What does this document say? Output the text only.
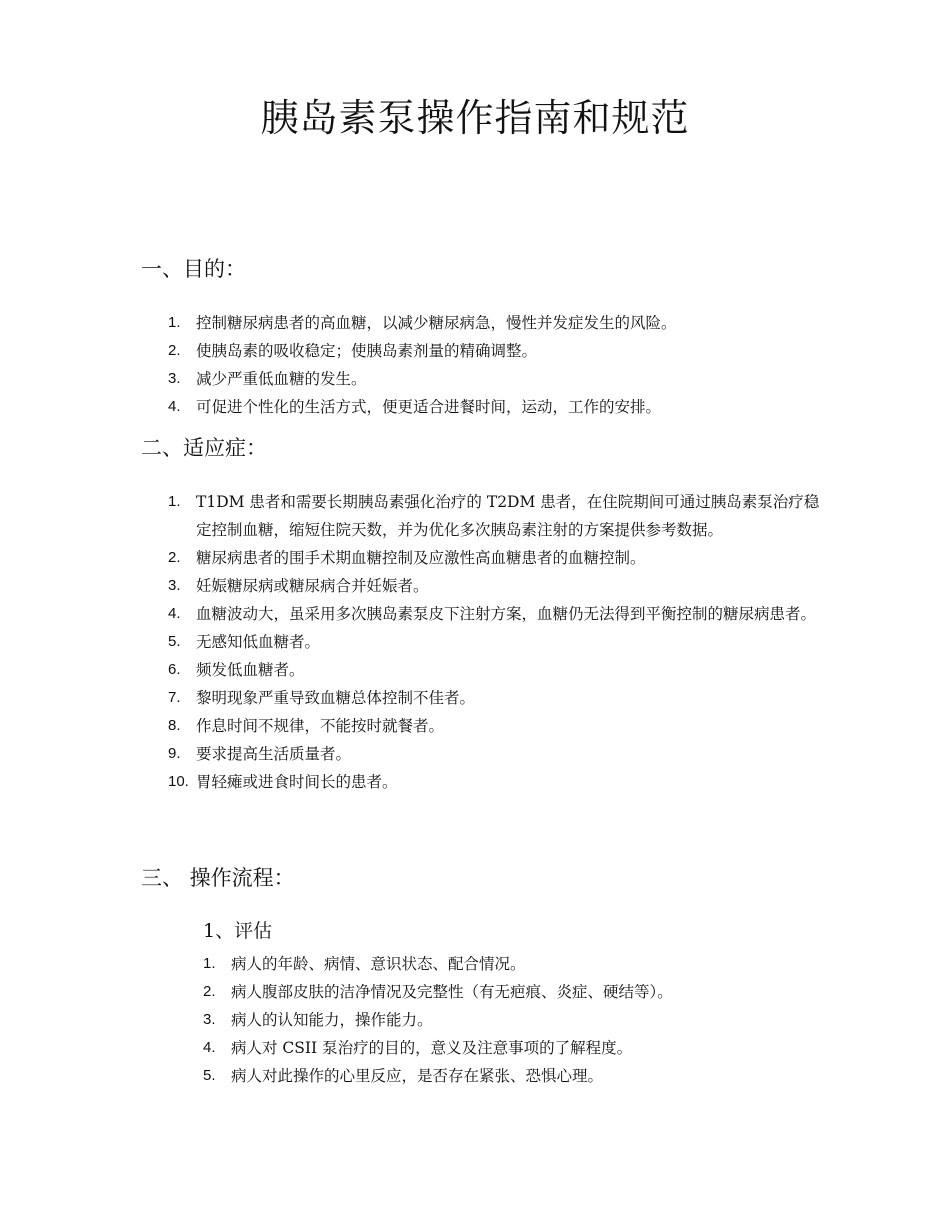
胰岛素泵操作指南和规范
一、目的：
1. 控制糖尿病患者的高血糖，以减少糖尿病急，慢性并发症发生的风险。
2. 使胰岛素的吸收稳定；使胰岛素剂量的精确调整。
3. 减少严重低血糖的发生。
4. 可促进个性化的生活方式，便更适合进餐时间，运动，工作的安排。
二、适应症：
1. T1DM 患者和需要长期胰岛素强化治疗的 T2DM 患者，在住院期间可通过胰岛素泵治疗稳定控制血糖，缩短住院天数，并为优化多次胰岛素注射的方案提供参考数据。
2. 糖尿病患者的围手术期血糖控制及应激性高血糖患者的血糖控制。
3. 妊娠糖尿病或糖尿病合并妊娠者。
4. 血糖波动大，虽采用多次胰岛素泵皮下注射方案，血糖仍无法得到平衡控制的糖尿病患者。
5. 无感知低血糖者。
6. 频发低血糖者。
7. 黎明现象严重导致血糖总体控制不佳者。
8. 作息时间不规律，不能按时就餐者。
9. 要求提高生活质量者。
10. 胃轻瘫或进食时间长的患者。
三、 操作流程：
1、评估
1. 病人的年龄、病情、意识状态、配合情况。
2. 病人腹部皮肤的洁净情况及完整性（有无疤痕、炎症、硬结等）。
3. 病人的认知能力，操作能力。
4. 病人对 CSII 泵治疗的目的，意义及注意事项的了解程度。
5. 病人对此操作的心里反应，是否存在紧张、恐惧心理。
